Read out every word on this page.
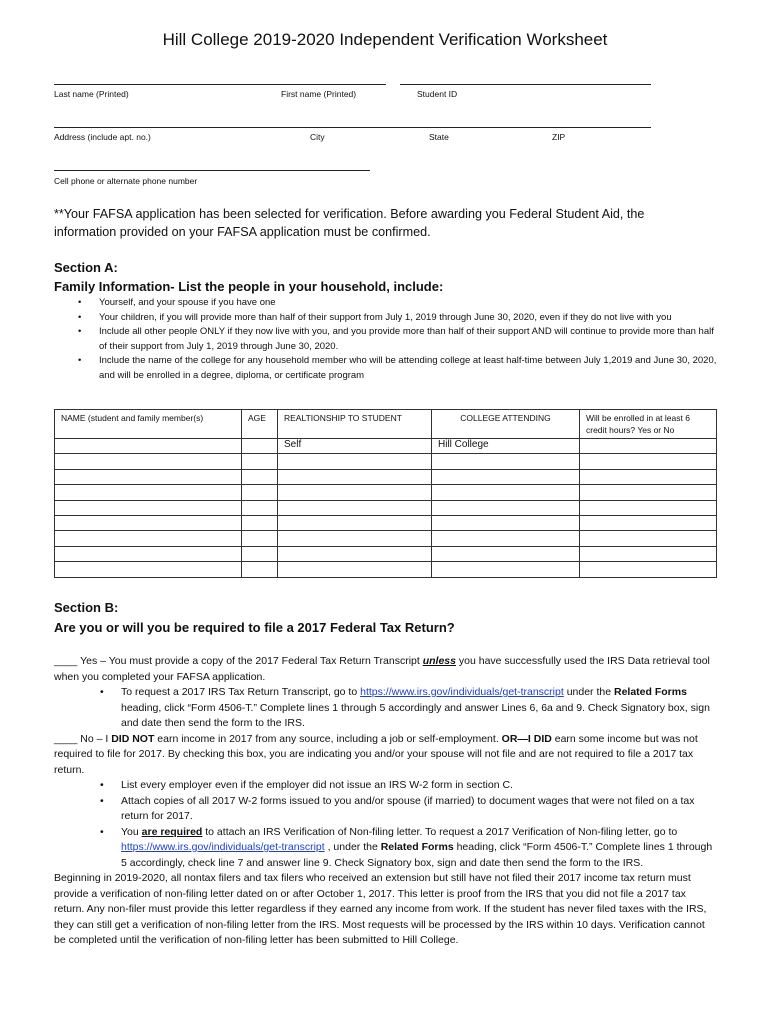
Hill College 2019-2020 Independent Verification Worksheet
Last name (Printed)	First name (Printed)	Student ID
Address (include apt. no.)	City	State	ZIP
Cell phone or alternate phone number
**Your FAFSA application has been selected for verification. Before awarding you Federal Student Aid, the information provided on your FAFSA application must be confirmed.
Section A:
Family Information- List the people in your household, include:
• Yourself, and your spouse if you have one
• Your children, if you will provide more than half of their support from July 1, 2019 through June 30, 2020, even if they do not live with you
• Include all other people ONLY if they now live with you, and you provide more than half of their support AND will continue to provide more than half of their support from July 1, 2019 through June 30, 2020.
• Include the name of the college for any household member who will be attending college at least half-time between July 1,2019 and June 30, 2020, and will be enrolled in a degree, diploma, or certificate program
NAME (student and family member(s)	AGE	REALTIONSHIP TO STUDENT	COLLEGE ATTENDING	Will be enrolled in at least 6 credit hours? Yes or No
		Self	Hill College	

Section B:
Are you or will you be required to file a 2017 Federal Tax Return?

____ Yes – You must provide a copy of the 2017 Federal Tax Return Transcript unless you have successfully used the IRS Data retrieval tool when you completed your FAFSA application.

• To request a 2017 IRS Tax Return Transcript, go to https://www.irs.gov/individuals/get-transcript under the Related Forms heading, click “Form 4506-T.” Complete lines 1 through 5 accordingly and answer Lines 6, 6a and 9. Check Signatory box, sign and date then send the form to the IRS.

____ No – I DID NOT earn income in 2017 from any source, including a job or self-employment. OR—I DID earn some income but was not required to file for 2017. By checking this box, you are indicating you and/or your spouse will not file and are not required to file a 2017 tax return.

• List every employer even if the employer did not issue an IRS W-2 form in section C.
• Attach copies of all 2017 W-2 forms issued to you and/or spouse (if married) to document wages that were not filed on a tax return for 2017.
• You are required to attach an IRS Verification of Non-filing letter. To request a 2017 Verification of Non-filing letter, go to https://www.irs.gov/individuals/get-transcript , under the Related Forms heading, click “Form 4506-T.” Complete lines 1 through 5 accordingly, check line 7 and answer line 9. Check Signatory box, sign and date then send the form to the IRS.

Beginning in 2019-2020, all nontax filers and tax filers who received an extension but still have not filed their 2017 income tax return must provide a verification of non-filing letter dated on or after October 1, 2017. This letter is proof from the IRS that you did not file a 2017 tax return. Any non-filer must provide this letter regardless if they earned any income from work. If the student has never filed taxes with the IRS, they can still get a verification of non-filing letter from the IRS. Most requests will be processed by the IRS within 10 days. Verification cannot be completed until the verification of non-filing letter has been submitted to Hill College.
